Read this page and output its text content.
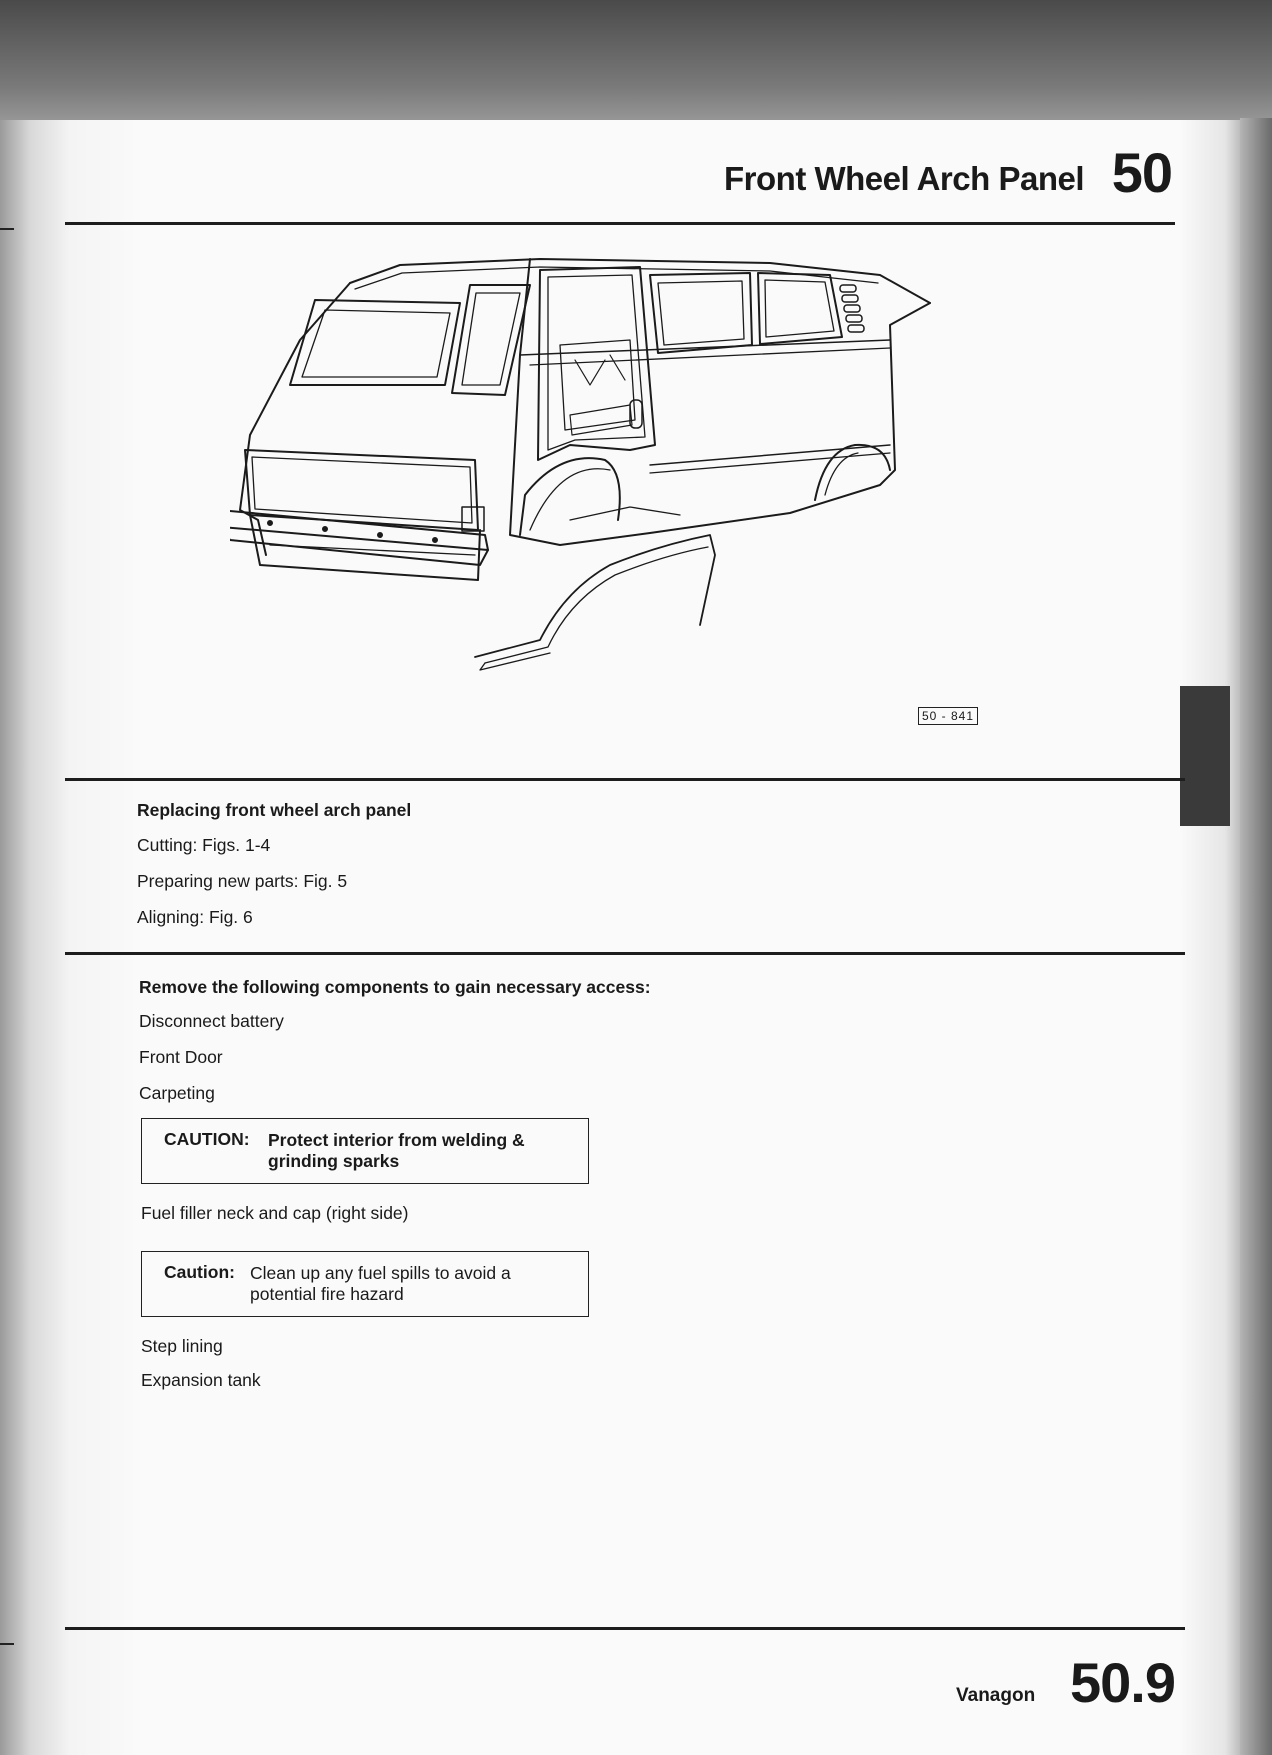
Front Wheel Arch Panel 50
50 - 841
Replacing front wheel arch panel
Cutting: Figs. 1-4
Preparing new parts: Fig. 5
Aligning: Fig. 6
Remove the following components to gain necessary access:
Disconnect battery
Front Door
Carpeting
CAUTION: Protect interior from welding & grinding sparks
Fuel filler neck and cap (right side)
Caution: Clean up any fuel spills to avoid a potential fire hazard
Step lining
Expansion tank
Vanagon 50.9
